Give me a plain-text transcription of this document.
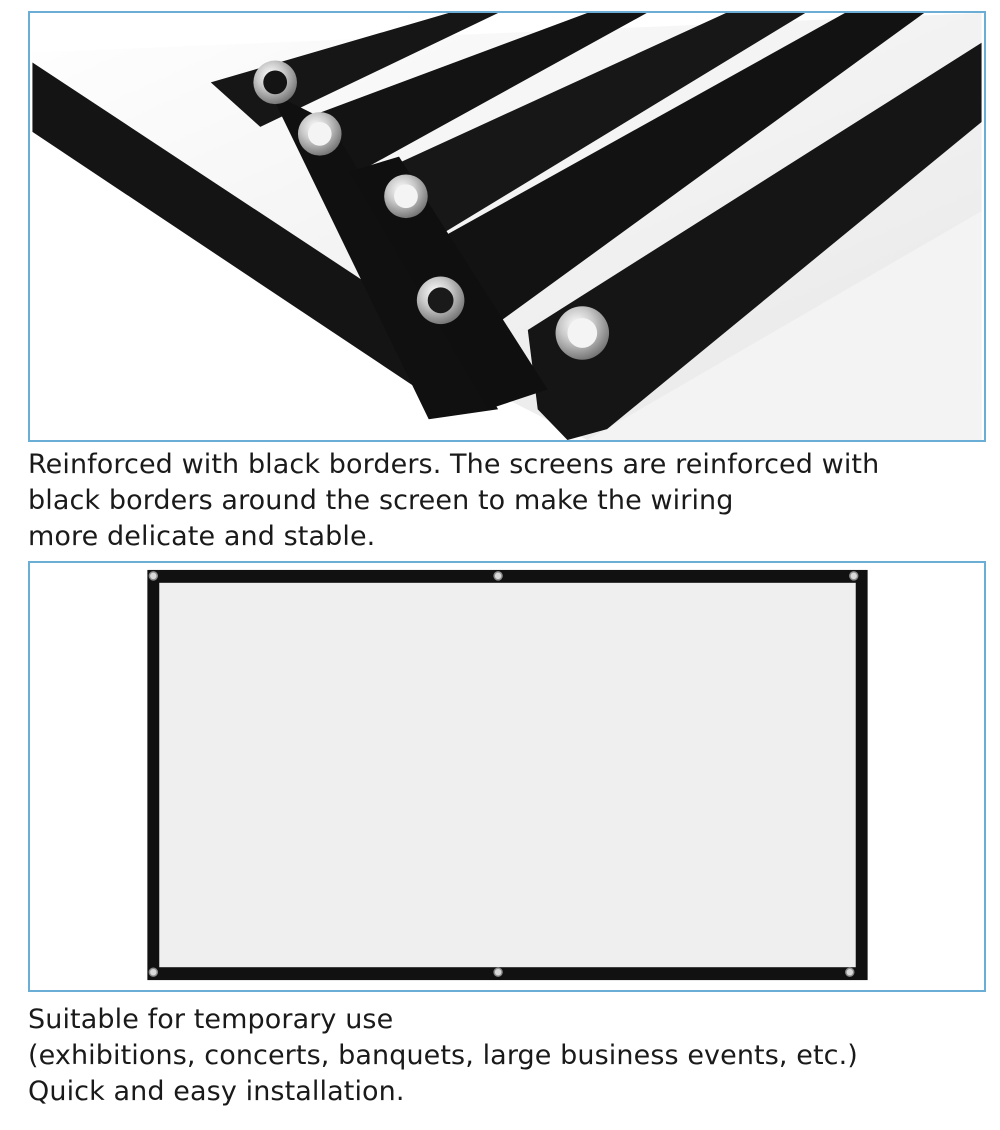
Reinforced with black borders. The screens are reinforced with
black borders around the screen to make the wiring
more delicate and stable.

Suitable for temporary use
(exhibitions, concerts, banquets, large business events, etc.)
Quick and easy installation.
